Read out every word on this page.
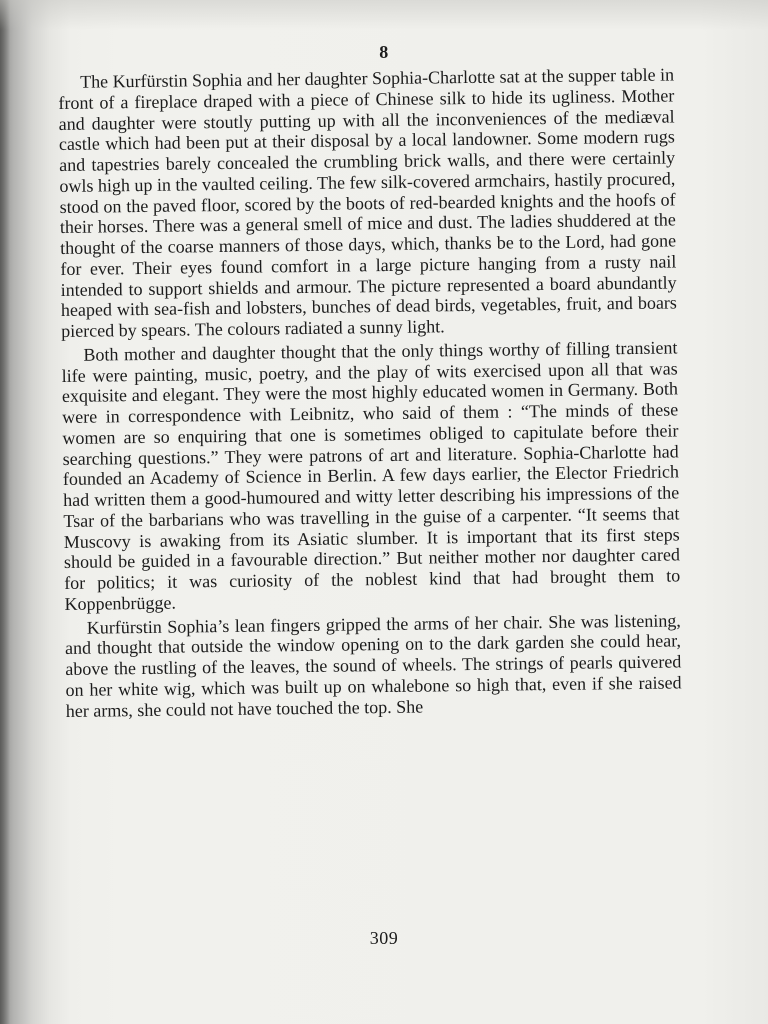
8

The Kurfürstin Sophia and her daughter Sophia-Charlotte sat at the supper table in front of a fireplace draped with a piece of Chinese silk to hide its ugliness. Mother and daughter were stoutly putting up with all the inconveniences of the mediæval castle which had been put at their disposal by a local landowner. Some modern rugs and tapestries barely concealed the crumbling brick walls, and there were certainly owls high up in the vaulted ceiling. The few silk-covered armchairs, hastily procured, stood on the paved floor, scored by the boots of red-bearded knights and the hoofs of their horses. There was a general smell of mice and dust. The ladies shuddered at the thought of the coarse manners of those days, which, thanks be to the Lord, had gone for ever. Their eyes found comfort in a large picture hanging from a rusty nail intended to support shields and armour. The picture represented a board abundantly heaped with sea-fish and lobsters, bunches of dead birds, vegetables, fruit, and boars pierced by spears. The colours radiated a sunny light.

Both mother and daughter thought that the only things worthy of filling transient life were painting, music, poetry, and the play of wits exercised upon all that was exquisite and elegant. They were the most highly educated women in Germany. Both were in correspondence with Leibnitz, who said of them : “The minds of these women are so enquiring that one is sometimes obliged to capitulate before their searching questions.” They were patrons of art and literature. Sophia-Charlotte had founded an Academy of Science in Berlin. A few days earlier, the Elector Friedrich had written them a good-humoured and witty letter describing his impressions of the Tsar of the barbarians who was travelling in the guise of a carpenter. “It seems that Muscovy is awaking from its Asiatic slumber. It is important that its first steps should be guided in a favourable direction.” But neither mother nor daughter cared for politics; it was curiosity of the noblest kind that had brought them to Koppenbrügge.

Kurfürstin Sophia’s lean fingers gripped the arms of her chair. She was listening, and thought that outside the window opening on to the dark garden she could hear, above the rustling of the leaves, the sound of wheels. The strings of pearls quivered on her white wig, which was built up on whalebone so high that, even if she raised her arms, she could not have touched the top. She

309
